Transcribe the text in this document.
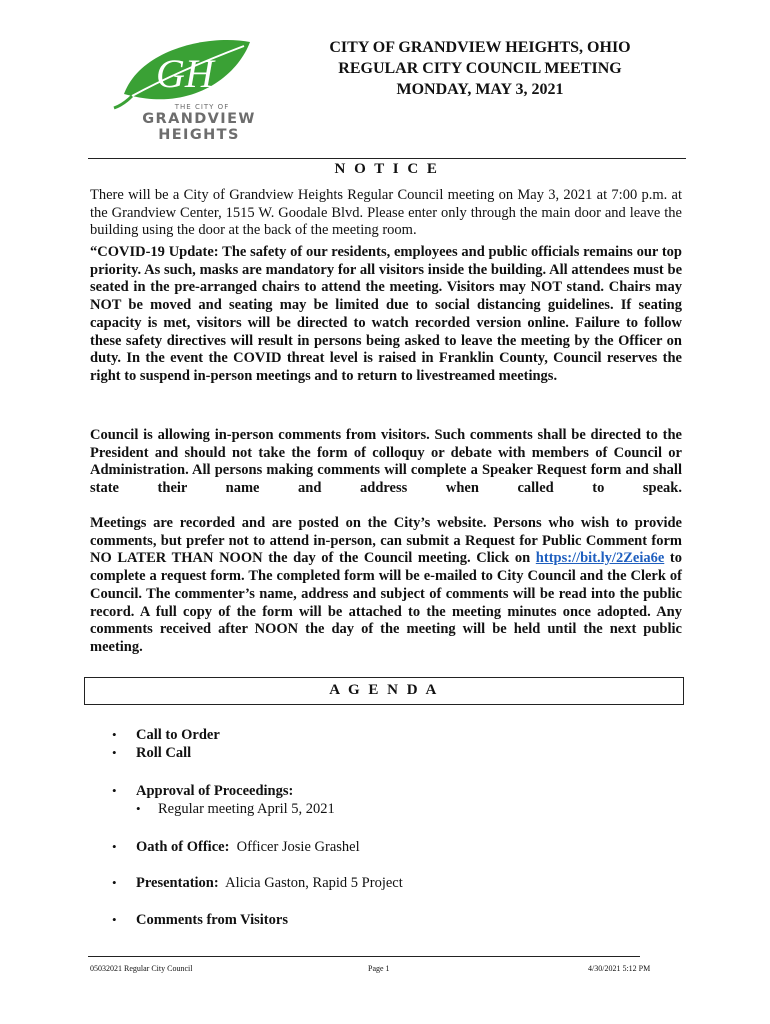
GH
THE CITY OF
GRANDVIEW
HEIGHTS
CITY OF GRANDVIEW HEIGHTS, OHIO
REGULAR CITY COUNCIL MEETING
MONDAY, MAY 3, 2021
N O T I C E
There will be a City of Grandview Heights Regular Council meeting on May 3, 2021 at 7:00 p.m. at the Grandview Center, 1515 W. Goodale Blvd. Please enter only through the main door and leave the building using the door at the back of the meeting room.
“COVID-19 Update: The safety of our residents, employees and public officials remains our top priority. As such, masks are mandatory for all visitors inside the building. All attendees must be seated in the pre-arranged chairs to attend the meeting. Visitors may NOT stand. Chairs may NOT be moved and seating may be limited due to social distancing guidelines. If seating capacity is met, visitors will be directed to watch recorded version online. Failure to follow these safety directives will result in persons being asked to leave the meeting by the Officer on duty. In the event the COVID threat level is raised in Franklin County, Council reserves the right to suspend in-person meetings and to return to livestreamed meetings.
Council is allowing in-person comments from visitors. Such comments shall be directed to the President and should not take the form of colloquy or debate with members of Council or Administration. All persons making comments will complete a Speaker Request form and shall state their name and address when called to speak.
Meetings are recorded and are posted on the City’s website. Persons who wish to provide comments, but prefer not to attend in-person, can submit a Request for Public Comment form NO LATER THAN NOON the day of the Council meeting. Click on https://bit.ly/2Zeia6e to complete a request form. The completed form will be e-mailed to City Council and the Clerk of Council. The commenter’s name, address and subject of comments will be read into the public record. A full copy of the form will be attached to the meeting minutes once adopted. Any comments received after NOON the day of the meeting will be held until the next public meeting.
A G E N D A
• Call to Order
• Roll Call
• Approval of Proceedings:
• Regular meeting April 5, 2021
• Oath of Office: Officer Josie Grashel
• Presentation: Alicia Gaston, Rapid 5 Project
• Comments from Visitors
05032021 Regular City Council	Page 1	4/30/2021 5:12 PM
